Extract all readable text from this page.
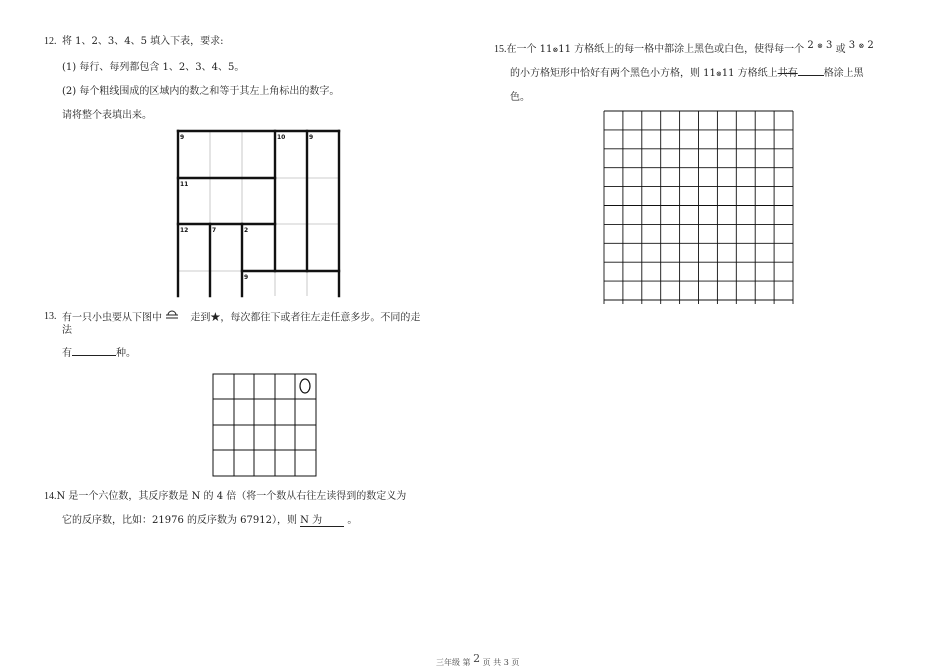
12. 将 1、2、3、4、5 填入下表，要求:
(1) 每行、每列都包含 1、2、3、4、5。
(2) 每个粗线围成的区域内的数之和等于其左上角标出的数字。
请将整个表填出来。
9	10	9
11
12	7	2
9
13. 有一只小虫要从下图中	走到★，每次都往下或者往左走任意多步。不同的走
法
有	种。
14.N 是一个六位数，其反序数是 N 的 4 倍（将一个数从右往左读得到的数定义为
它的反序数，比如：21976 的反序数为 67912），则 N 为	。
15.在一个 11⊗11 方格纸上的每一格中都涂上黑色或白色，使得每一个 2 ⊗ 3 或 3 ⊗ 2
的小方格矩形中恰好有两个黑色小方格，则 11⊗11 方格纸上共有	格涂上黑
色。
三年级 第 2 页 共 3 页
